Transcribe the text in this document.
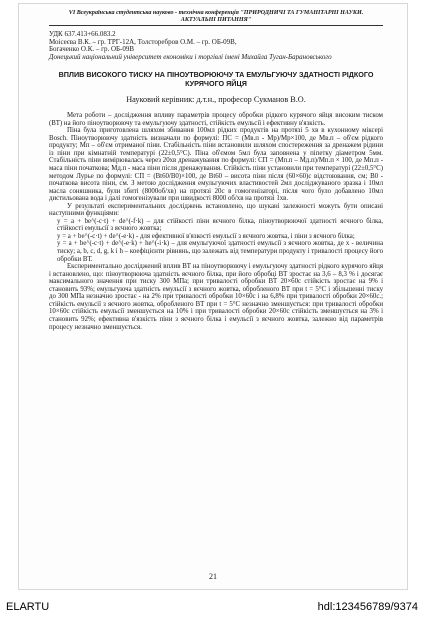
VI Всеукраїнська студентська науково - технічна конференція "ПРИРОДНИЧІ ТА ГУМАНІТАРНІ НАУКИ.
АКТУАЛЬНІ ПИТАННЯ"

УДК 637.413+66.083.2

Моісеєва В.К. – гр. ТРГ-12А, Толсторебров О.М. – гр. ОБ-09В,

Богаченко О.К. – гр. ОБ-09В

Донецький національний університет економіки і торгівлі імені Михайла Туган-Барановського

ВПЛИВ ВИСОКОГО ТИСКУ НА ПІНОУТВОРЮЮЧУ ТА ЕМУЛЬГУЮЧУ ЗДАТНОСТІ РІДКОГО КУРЯЧОГО ЯЙЦЯ
Науковий керівник: д.т.н., професор Сукманов В.О.

Мета роботи – дослідження впливу параметрів процесу обробки рідкого курячого яйця високим тиском (ВТ) на його піноутворюючу та емульгуючу здатності, стійкість емульсії і ефективну в'язкість.

Піна була приготовлена шляхом збивання 100мл рідких продуктів на протязі 5 хв в кухонному міксері Bosch. Піноутворюючу здатність визначали по формулі: ПС = (Мв.п - Мр)/Мр×100, де Мв.п – об'єм рідкого продукту; Мп – об'єм отриманої піни. Стабільність піни встановили шляхом спостереження за дренажем рідини із піни при кімнатній температурі (22±0,5°С). Піна об'ємом 5мл була заповнена у піпетку діаметром 5мм. Стабільність піни вимірювалась через 20хв дренажування по формулі: СП = (Мп.п – Мд.п)/Мп.п × 100, де Мп.п - маса піни початкова; Мд.п - маса піни після дренажування. Стійкість піни установили при температурі (22±0,5°С) методом Лурье по формулі: СП = (Вt60/В0)×100, де Вt60 – висота піни після (60×60)с відстоювання, см; В0 - початкова висота піни, см. З метою дослідження емульгуючих властивостей 2мл досліджуваного зразка і 10мл масла соняшника, були збиті (8000об/хв) на протязі 20с в гомогенізаторі, після чого було добавлено 10мл дистильована вода і далі гомогенізували при швидкості 8000 об/хв на протязі 1хв.

У результаті експериментальних досліджень встановлено, що шукані залежності можуть бути описані наступними функціями:

y = a + be^(-c·t) + de^(-f·k) – для стійкості піни яєчного білка, піноутворюючої здатності яєчного білка, стійкості емульсії з яєчного жовтка;

y = a + be^(-c·t) + de^(-e·k) - для ефективної в'язкості емульсії з яєчного жовтка, і піни з яєчного білка;

y = a + be^(-c·t) + de^(-e·k) + he^(-i·k) – для емульгуючої здатності емульсії з яєчного жовтка, де х - величина тиску; a, b, c, d, g, k i h – коефіцієнти рівнянь, що залежать від температури продукту і тривалості процесу його обробки ВТ.

Експериментально досліджений вплив ВТ на піноутворюючу і емульгуючу здатності рідкого курячого яйця і встановлено, що: піноутворююча здатність яєчного білка, при його обробці ВТ зростає на 3,6 – 8,3 % і досягає максимального значення при тиску 300 МПа; при тривалості обробки ВТ 20×60с стійкість зростає на 9% і становить 93%; емульгуюча здатність емульсії з яєчного жовтка, обробленого ВТ при t = 5°С і збільшенні тиску до 300 МПа незначно зростає - на 2% при тривалості обробки 10×60с і на 6,8% при тривалості обробки 20×60с.; стійкість емульсії з яєчного жовтка, обробленого ВТ при t = 5°С незначно зменшується: при тривалості обробки 10×60с стійкість емульсії зменшується на 10% і при тривалості обробки 20×60с стійкість зменшується на 3% і становить 92%; ефективна в'язкість піни з яєчного білка і емульсії з яєчного жовтка, залежно від параметрів процесу незначно зменшується.

21
ELARTU	hdl:123456789/9374
